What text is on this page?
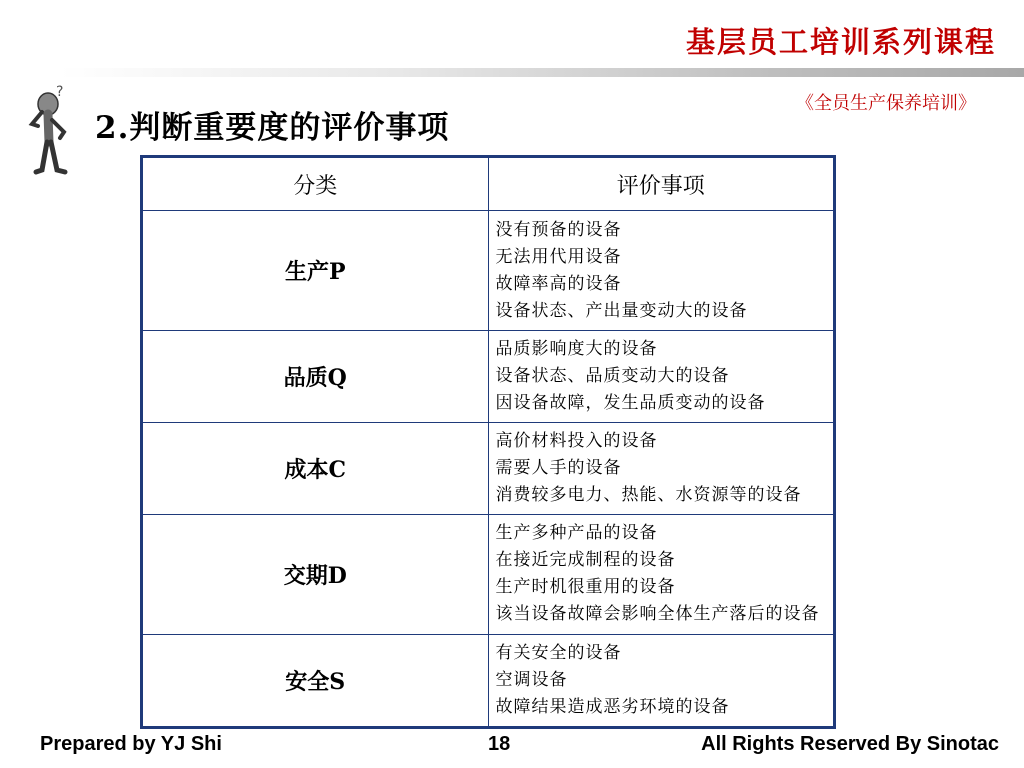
基层员工培训系列课程
《全员生产保养培训》
?
2.判断重要度的评价事项
分类	评价事项
生产P	没有预备的设备
无法用代用设备
故障率高的设备
设备状态、产出量变动大的设备

品质Q	品质影响度大的设备
设备状态、品质变动大的设备
因设备故障，发生品质变动的设备

成本C	高价材料投入的设备
需要人手的设备
消费较多电力、热能、水资源等的设备

交期D	生产多种产品的设备
在接近完成制程的设备
生产时机很重用的设备
该当设备故障会影响全体生产落后的设备

安全S	有关安全的设备
空调设备
故障结果造成恶劣环境的设备
Prepared by YJ Shi	18	All Rights Reserved By Sinotac
